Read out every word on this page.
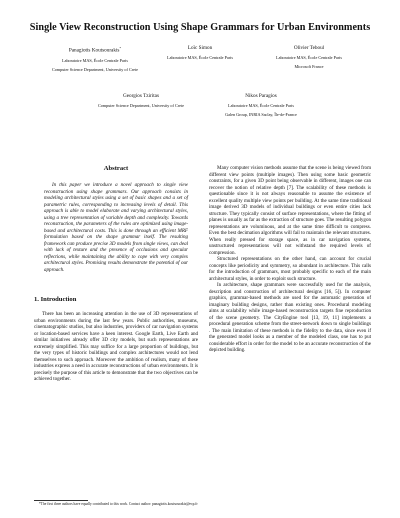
Single View Reconstruction Using Shape Grammars for Urban Environments
Panagiotis Koutsourakis*
Laboratoire MAS, École Centrale Paris
Computer Science Department, University of Crete
Loïc Simon
Laboratoire MAS, École Centrale Paris
Olivier Teboul
Laboratoire MAS, École Centrale Paris
Microsoft France
Georgios Tziritas
Computer Science Department, University of Crete
Nikos Paragios
Laboratoire MAS, École Centrale Paris
Galen Group, INRIA Saclay, Île-de-France
Abstract
In this paper we introduce a novel approach to single view reconstruction using shape grammars. Our approach consists in modeling architectural styles using a set of basic shapes and a set of parametric rules, corresponding to increasing levels of detail. This approach is able to model elaborate and varying architectural styles, using a tree representation of variable depth and complexity. Towards reconstruction, the parameters of the rules are optimized using image-based and architectural costs. This is done through an efficient MRF formulation based on the shape grammar itself. The resulting framework can produce precise 3D models from single views, can deal with lack of texture and the presence of occlusions and specular reflections, while maintaining the ability to cope with very complex architectural styles. Promising results demonstrate the potential of our approach.
1. Introduction

There has been an increasing attention in the use of 3D representations of urban environments during the last few years. Public authorities, museums, cinematographic studios, but also industries, providers of car navigation systems or location-based services have a keen interest. Google Earth, Live Earth and similar initiatives already offer 3D city models, but such representations are extremely simplified. This may suffice for a large proportion of buildings, but the very types of historic buildings and complex architectures would not lend themselves to such approach. Moreover the ambition of realism, many of these industries express a need in accurate reconstructions of urban environments. It is precisely the purpose of this article to demonstrate that the two objectives can be achieved together.

*The first three authors have equally contributed to this work. Contact author: panagiotis.koutsourakis@ecp.fr

Many computer vision methods assume that the scene is being viewed from different view points (multiple images). Then using some basic geometric constraints, for a given 3D point being observable in different, images one can recover the notion of relative depth [7]. The scalability of these methods is questionable since it is not always reasonable to assume the existence of excellent quality multiple view points per building. At the same time traditional image derived 3D models of individual buildings or even entire cities lack structure. They typically consist of surface representations, where the fitting of planes is usually as far as the extraction of structure goes. The resulting polygon representations are voluminous, and at the same time difficult to compress. Even the best decimation algorithms will fail to maintain the relevant structures. When really pressed for storage space, as in car navigation systems, unstructured representations will not withstand the required levels of compression.

Structured representations on the other hand, can account for crucial concepts like periodicity and symmetry, so abundant in architecture. This calls for the introduction of grammars, most probably specific to each of the main architectural styles, in order to exploit such structure.

In architecture, shape grammars were successfully used for the analysis, description and construction of architectural designs [16, 5]). In computer graphics, grammar-based methods are used for the automatic generation of imaginary building designs, rather than existing ones. Procedural modeling aims at scalability while image-based reconstruction targets fine reproduction of the scene geometry. The CityEngine tool [13, 19, 11] implements a procedural generation scheme from the street-network down to single buildings . The main limitation of these methods is the fidelity to the data, since even if the generated model looks as a member of the modeled class, one has to put considerable effort in order for the model to be an accurate reconstruction of the depicted building.
